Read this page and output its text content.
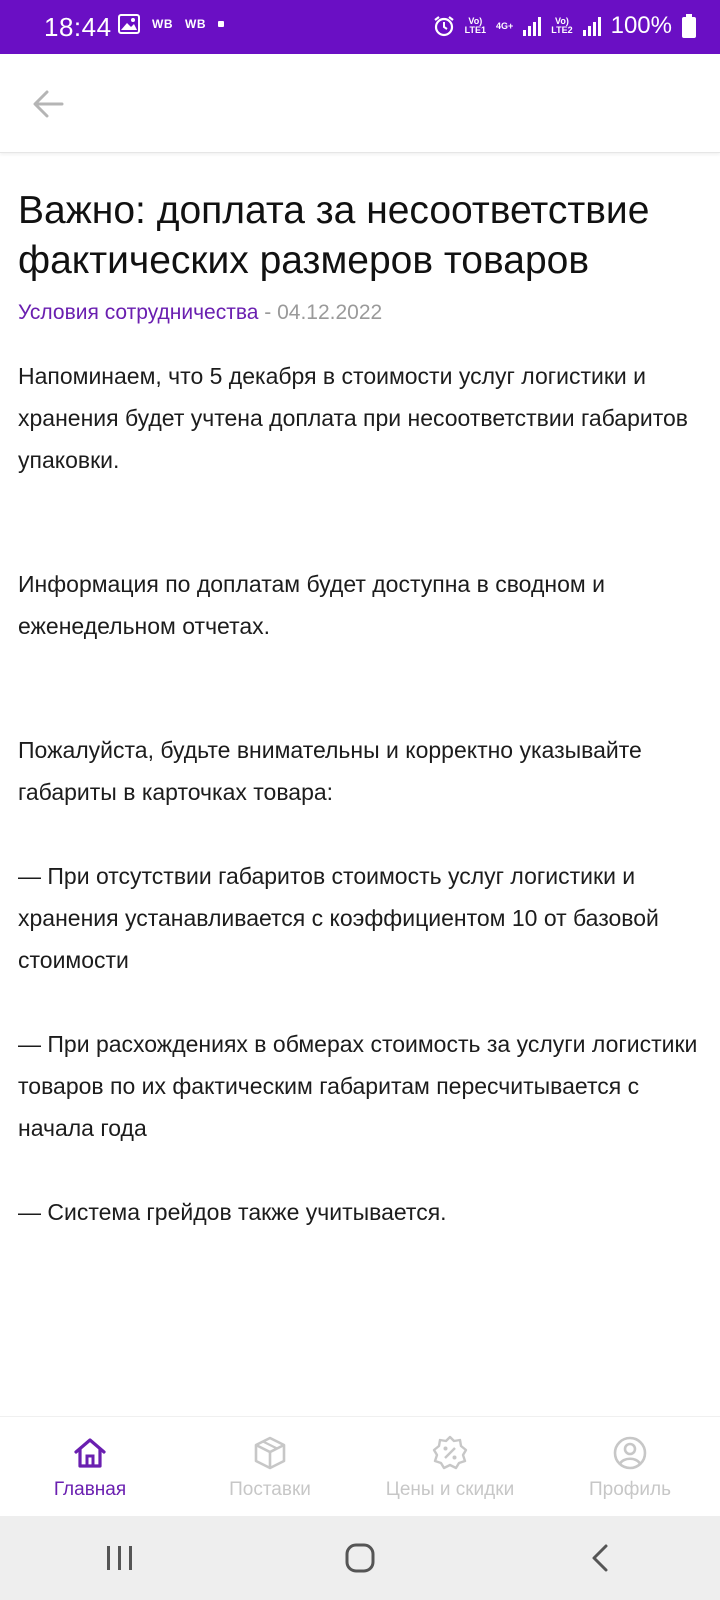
18:44	WB WB	Vo)
LTE1 4G+	Vo)
LTE2 100%
Важно: доплата за несоответствие фактических размеров товаров
Условия сотрудничества - 04.12.2022

Напоминаем, что 5 декабря в стоимости услуг логистики и хранения будет учтена доплата при несоответствии габаритов упаковки.

Информация по доплатам будет доступна в сводном и еженедельном отчетах.

Пожалуйста, будьте внимательны и корректно указывайте габариты в карточках товара:

— При отсутствии габаритов стоимость услуг логистики и хранения устанавливается с коэффициентом 10 от базовой стоимости

— При расхождениях в обмерах стоимость за услуги логистики товаров по их фактическим габаритам пересчитывается с начала года

— Система грейдов также учитывается.

Главная	Поставки	Цены и скидки	Профиль
